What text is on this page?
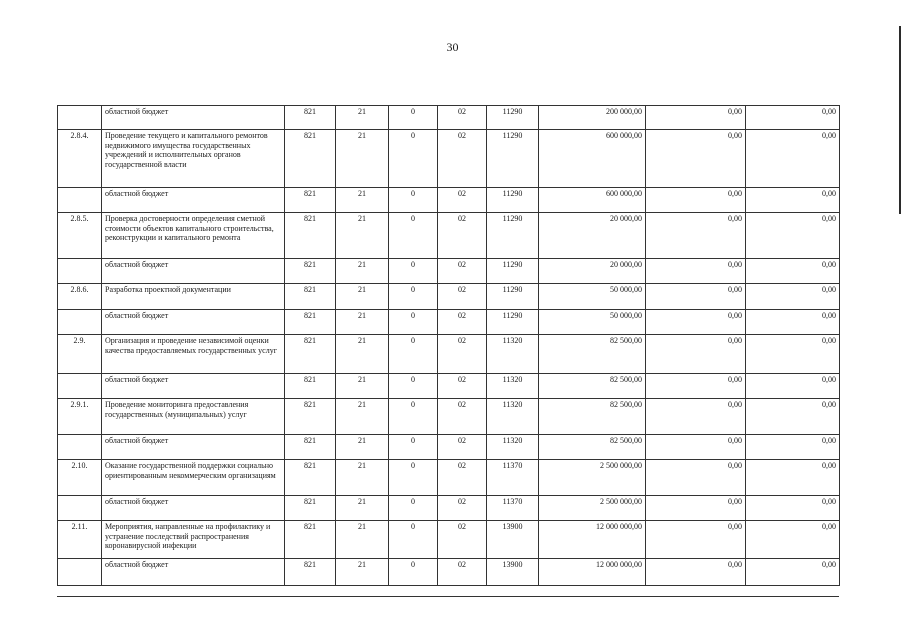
30
	областной бюджет	821	21	0	02	11290	200 000,00	0,00	0,00
2.8.4.	Проведение текущего и капитального ремонтов недвижимого имущества государственных учреждений и исполнительных органов государственной власти	821	21	0	02	11290	600 000,00	0,00	0,00
	областной бюджет	821	21	0	02	11290	600 000,00	0,00	0,00
2.8.5.	Проверка достоверности определения сметной стоимости объектов капитального строительства, реконструкции и капитального ремонта	821	21	0	02	11290	20 000,00	0,00	0,00
	областной бюджет	821	21	0	02	11290	20 000,00	0,00	0,00
2.8.6.	Разработка проектной документации	821	21	0	02	11290	50 000,00	0,00	0,00
	областной бюджет	821	21	0	02	11290	50 000,00	0,00	0,00
2.9.	Организация и проведение независимой оценки качества предоставляемых государственных услуг	821	21	0	02	11320	82 500,00	0,00	0,00
	областной бюджет	821	21	0	02	11320	82 500,00	0,00	0,00
2.9.1.	Проведение мониторинга предоставления государственных (муниципальных) услуг	821	21	0	02	11320	82 500,00	0,00	0,00
	областной бюджет	821	21	0	02	11320	82 500,00	0,00	0,00
2.10.	Оказание государственной поддержки социально ориентированным некоммерческим организациям	821	21	0	02	11370	2 500 000,00	0,00	0,00
	областной бюджет	821	21	0	02	11370	2 500 000,00	0,00	0,00
2.11.	Мероприятия, направленные на профилактику и устранение последствий распространения коронавирусной инфекции	821	21	0	02	13900	12 000 000,00	0,00	0,00
	областной бюджет	821	21	0	02	13900	12 000 000,00	0,00	0,00
